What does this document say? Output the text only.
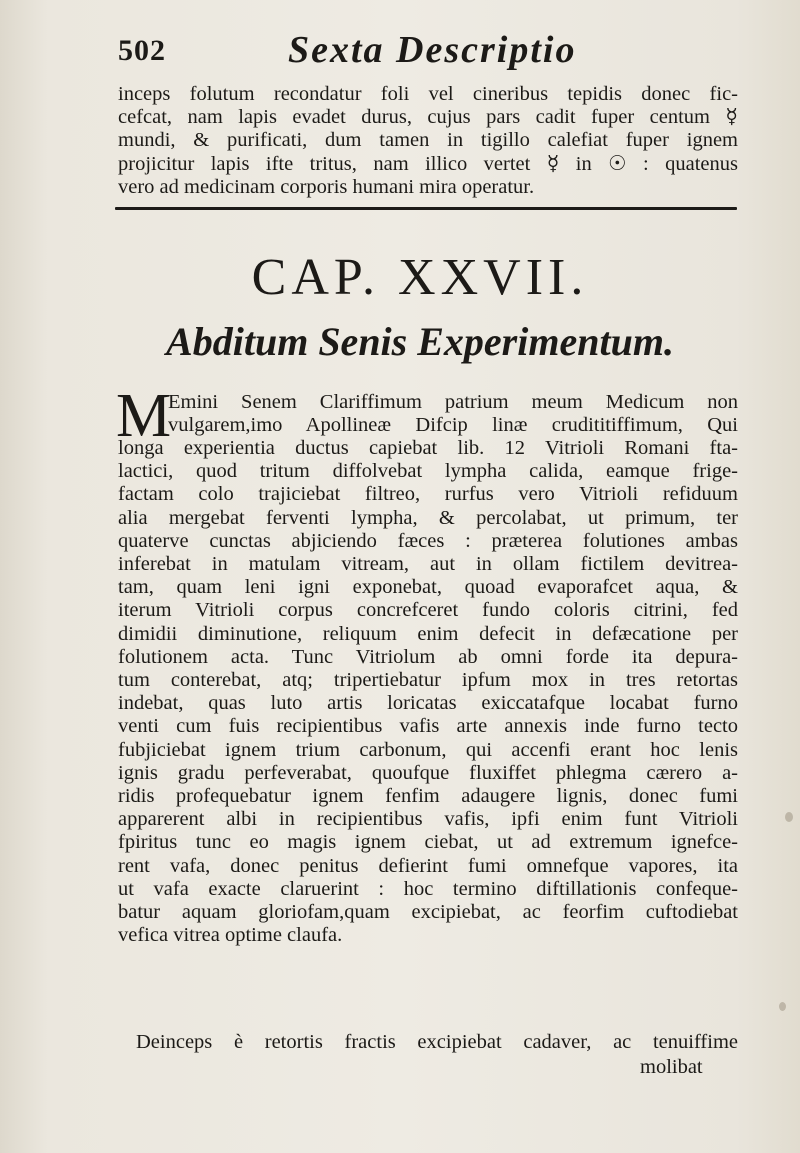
502	Sexta Descriptio
inceps folutum recondatur foli vel cineribus tepidis donec fic-
cefcat, nam lapis evadet durus, cujus pars cadit fuper centum ☿
mundi, & purificati, dum tamen in tigillo calefiat fuper ignem
projicitur lapis ifte tritus, nam illico vertet ☿ in ☉ : quatenus
vero ad medicinam corporis humani mira operatur.
CAP. XXVII.
Abditum Senis Experimentum.
M
Emini Senem Clariffimum patrium meum Medicum non
vulgarem,imo Apollineæ Difcip linæ crudititiffimum, Qui
longa experientia ductus capiebat lib. 12 Vitrioli Romani fta-
lactici, quod tritum diffolvebat lympha calida, eamque frige-
factam colo trajiciebat filtreo, rurfus vero Vitrioli refiduum
alia mergebat ferventi lympha, & percolabat, ut primum, ter
quaterve cunctas abjiciendo fæces : prætereа folutiones ambas
inferebat in matulam vitream, aut in ollam fictilem devitrea-
tam, quam leni igni exponebat, quoad evaporafcet aqua, &
iterum Vitrioli corpus concrefceret fundo coloris citrini, fed
dimidii diminutione, reliquum enim defecit in defæcatione per
folutionem acta. Tunc Vitriolum ab omni forde ita depura-
tum conterebat, atq; tripertiebatur ipfum mox in tres retortas
indebat, quas luto artis loricatas exiccatafque locabat furno
venti cum fuis recipientibus vafis arte annexis inde furno tecto
fubjiciebat ignem trium carbonum, qui accenfi erant hoc lenis
ignis gradu perfeverabat, quoufque fluxiffet phlegma cærero a-
ridis profequebatur ignem fenfim adaugere lignis, donec fumi
apparerent albi in recipientibus vafis, ipfi enim funt Vitrioli
fpiritus tunc eo magis ignem ciebat, ut ad extremum ignefce-
rent vafa, donec penitus defierint fumi omnefque vapores, ita
ut vafa exacte claruerint : hoc termino diftillationis confeque-
batur aquam gloriofam,quam excipiebat, ac feorfim cuftodiebat
vefica vitrea optime claufa.
Deinceps è retortis fractis excipiebat cadaver, ac tenuiffime
molibat
